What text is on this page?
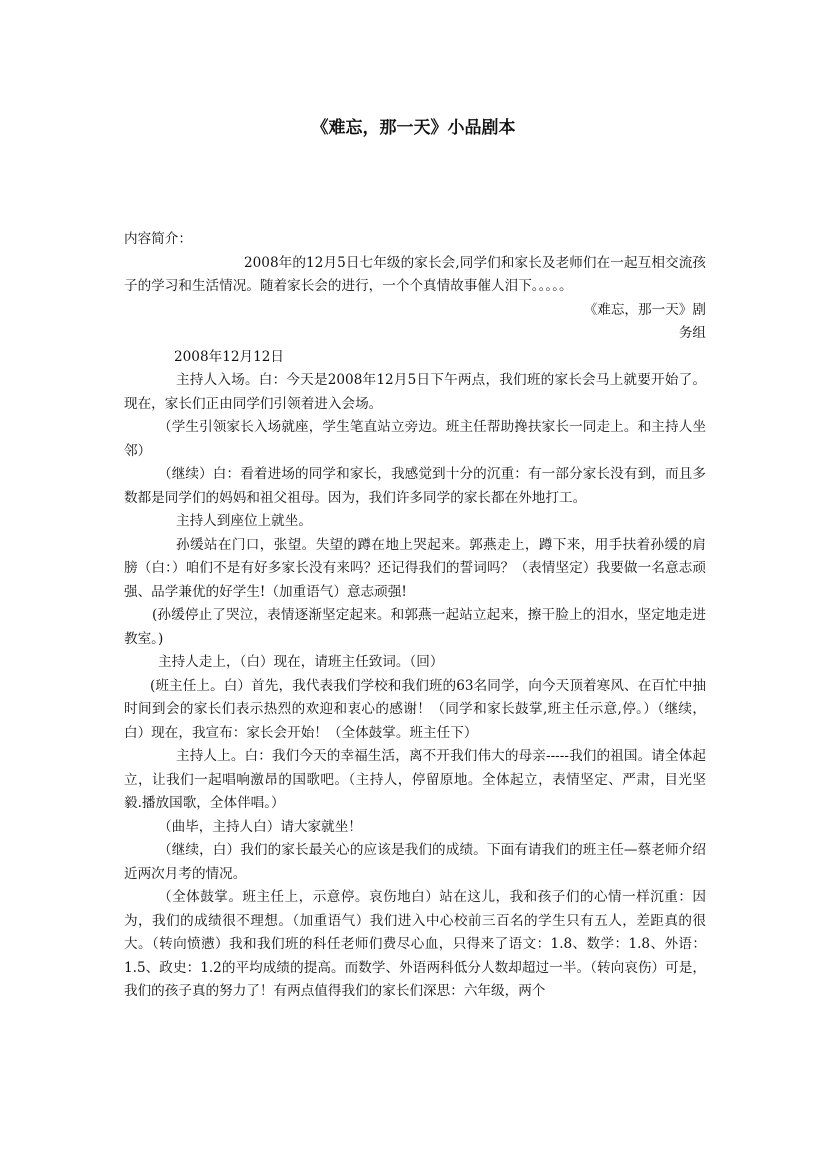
《难忘，那一天》小品剧本

内容简介：

2008年的12月5日七年级的家长会,同学们和家长及老师们在一起互相交流孩子的学习和生活情况。随着家长会的进行，一个个真情故事催人泪下。。。。。

《难忘，那一天》剧务组

2008年12月12日

主持人入场。白：今天是2008年12月5日下午两点，我们班的家长会马上就要开始了。现在，家长们正由同学们引领着进入会场。

（学生引领家长入场就座，学生笔直站立旁边。班主任帮助搀扶家长一同走上。和主持人坐邻）

（继续）白：看着进场的同学和家长，我感觉到十分的沉重：有一部分家长没有到，而且多数都是同学们的妈妈和祖父祖母。因为，我们许多同学的家长都在外地打工。

主持人到座位上就坐。

孙缓站在门口，张望。失望的蹲在地上哭起来。郭燕走上，蹲下来，用手扶着孙缓的肩膀（白：）咱们不是有好多家长没有来吗？还记得我们的誓词吗？（表情坚定）我要做一名意志顽强、品学兼优的好学生!（加重语气）意志顽强!

(孙缓停止了哭泣，表情逐渐坚定起来。和郭燕一起站立起来，擦干脸上的泪水，坚定地走进教室。)

主持人走上，（白）现在，请班主任致词。（回）

(班主任上。白）首先，我代表我们学校和我们班的63名同学，向今天顶着寒风、在百忙中抽时间到会的家长们表示热烈的欢迎和衷心的感谢！（同学和家长鼓掌,班主任示意,停。）（继续，白）现在，我宣布：家长会开始！（全体鼓掌。班主任下）

主持人上。白：我们今天的幸福生活，离不开我们伟大的母亲-----我们的祖国。请全体起立，让我们一起唱响激昂的国歌吧。（主持人，停留原地。全体起立，表情坚定、严肃，目光坚毅.播放国歌，全体伴唱。）

（曲毕，主持人白）请大家就坐！

（继续，白）我们的家长最关心的应该是我们的成绩。下面有请我们的班主任—蔡老师介绍近两次月考的情况。

（全体鼓掌。班主任上，示意停。哀伤地白）站在这儿，我和孩子们的心情一样沉重：因为，我们的成绩很不理想。（加重语气）我们进入中心校前三百名的学生只有五人，差距真的很大。（转向愤懑）我和我们班的科任老师们费尽心血，只得来了语文：1.8、数学：1.8、外语：1.5、政史：1.2的平均成绩的提高。而数学、外语两科低分人数却超过一半。（转向哀伤）可是，我们的孩子真的努力了！有两点值得我们的家长们深思：六年级，两个
